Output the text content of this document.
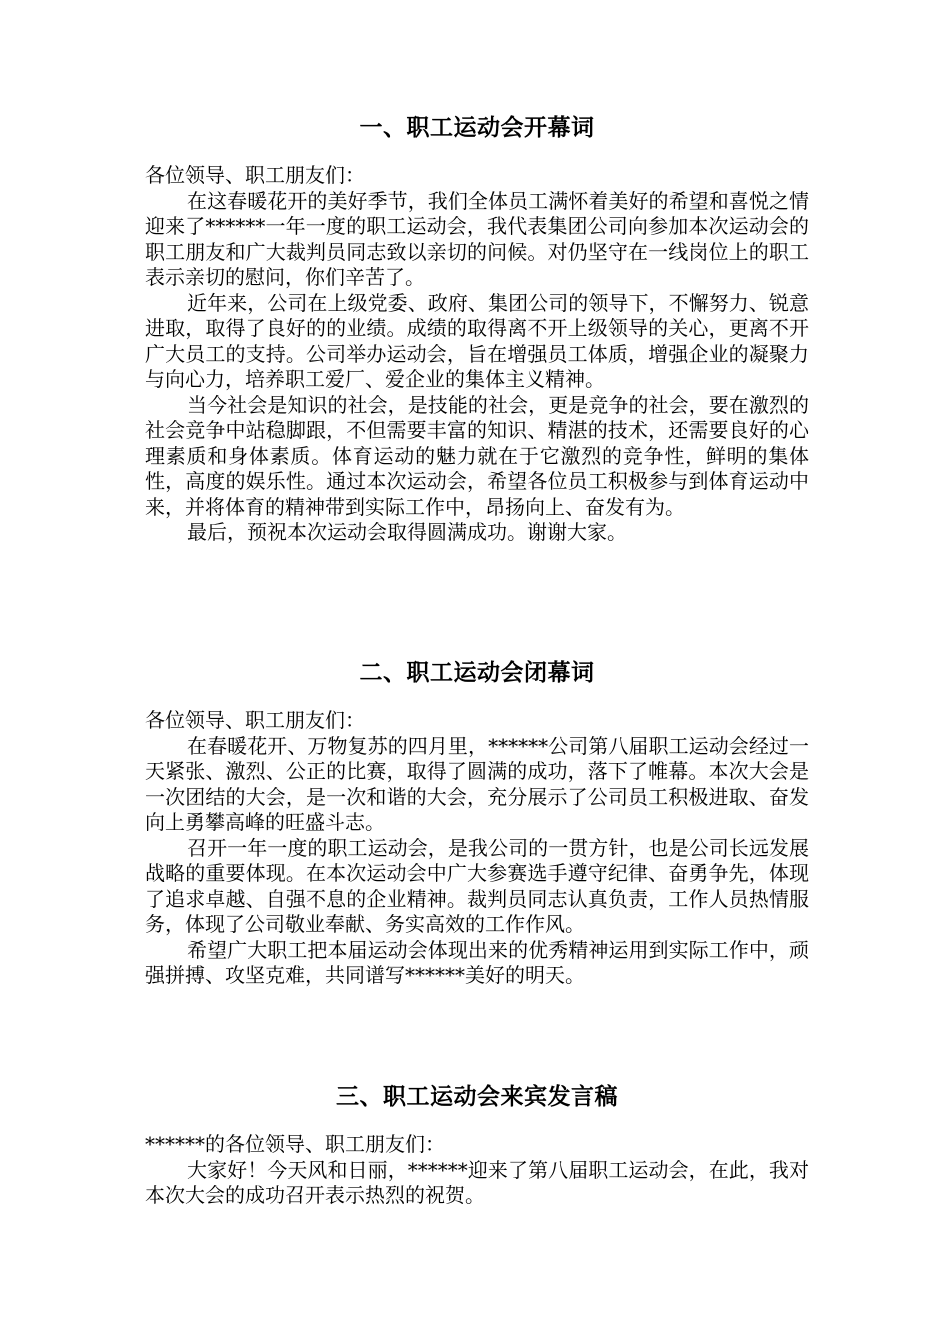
一、职工运动会开幕词

各位领导、职工朋友们：

在这春暖花开的美好季节，我们全体员工满怀着美好的希望和喜悦之情迎来了******一年一度的职工运动会，我代表集团公司向参加本次运动会的职工朋友和广大裁判员同志致以亲切的问候。对仍坚守在一线岗位上的职工表示亲切的慰问，你们辛苦了。

近年来，公司在上级党委、政府、集团公司的领导下，不懈努力、锐意进取，取得了良好的的业绩。成绩的取得离不开上级领导的关心，更离不开广大员工的支持。公司举办运动会，旨在增强员工体质，增强企业的凝聚力与向心力，培养职工爱厂、爱企业的集体主义精神。

当今社会是知识的社会，是技能的社会，更是竞争的社会，要在激烈的社会竞争中站稳脚跟，不但需要丰富的知识、精湛的技术，还需要良好的心理素质和身体素质。体育运动的魅力就在于它激烈的竞争性，鲜明的集体性，高度的娱乐性。通过本次运动会，希望各位员工积极参与到体育运动中来，并将体育的精神带到实际工作中，昂扬向上、奋发有为。

最后，预祝本次运动会取得圆满成功。谢谢大家。

二、职工运动会闭幕词

各位领导、职工朋友们：

在春暖花开、万物复苏的四月里，******公司第八届职工运动会经过一天紧张、激烈、公正的比赛，取得了圆满的成功，落下了帷幕。本次大会是一次团结的大会，是一次和谐的大会，充分展示了公司员工积极进取、奋发向上勇攀高峰的旺盛斗志。

召开一年一度的职工运动会，是我公司的一贯方针，也是公司长远发展战略的重要体现。在本次运动会中广大参赛选手遵守纪律、奋勇争先，体现了追求卓越、自强不息的企业精神。裁判员同志认真负责，工作人员热情服务，体现了公司敬业奉献、务实高效的工作作风。

希望广大职工把本届运动会体现出来的优秀精神运用到实际工作中，顽强拼搏、攻坚克难，共同谱写******美好的明天。

三、职工运动会来宾发言稿

******的各位领导、职工朋友们：

大家好！今天风和日丽，******迎来了第八届职工运动会，在此，我对本次大会的成功召开表示热烈的祝贺。
